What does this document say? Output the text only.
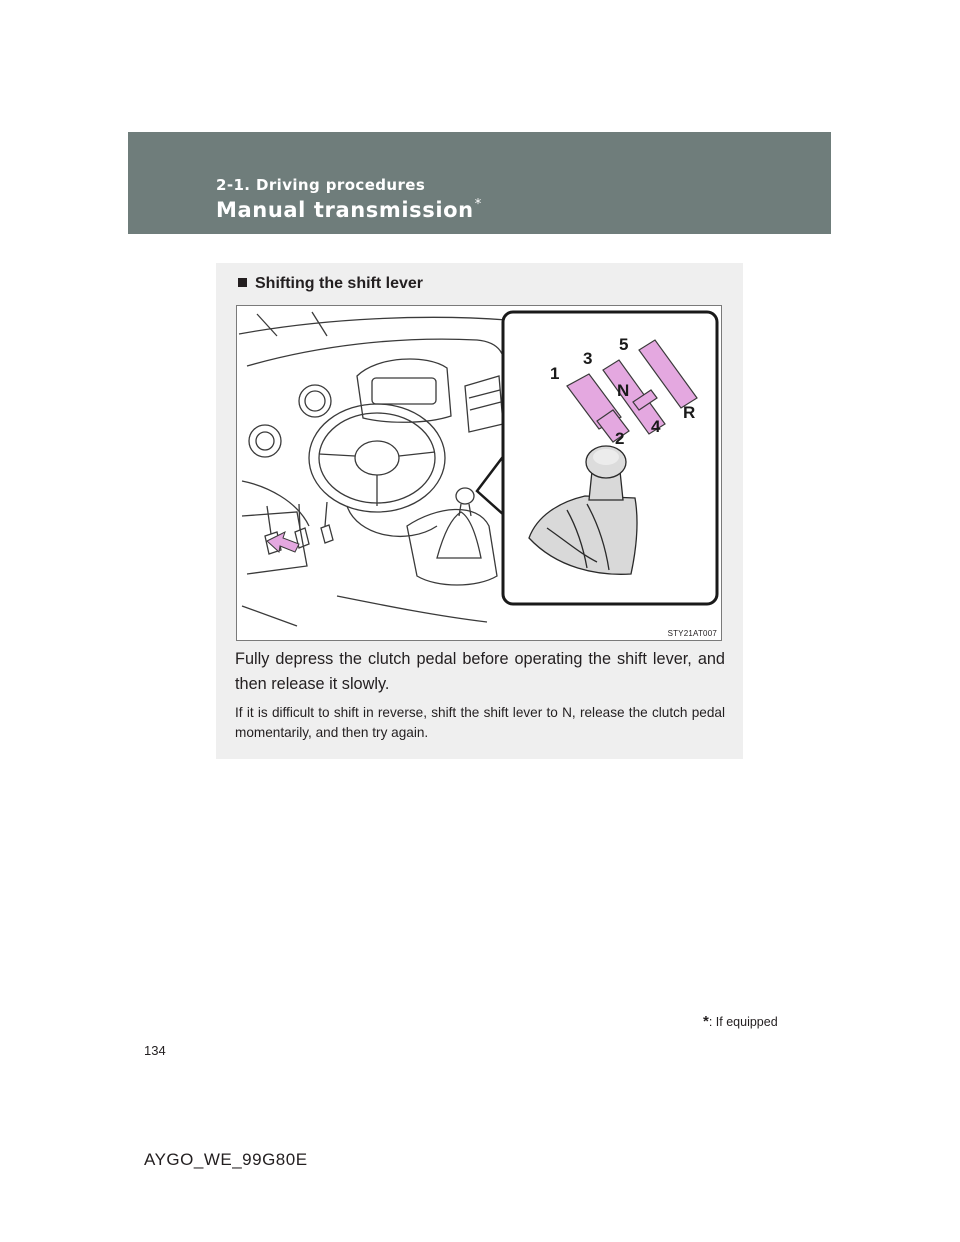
2-1. Driving procedures
Manual transmission*
Shifting the shift lever
1
2
3
4
5
N
R
STY21AT007
Fully depress the clutch pedal before operating the shift lever, and then release it slowly.
If it is difficult to shift in reverse, shift the shift lever to N, release the clutch pedal momentarily, and then try again.
*: If equipped
134
AYGO_WE_99G80E
